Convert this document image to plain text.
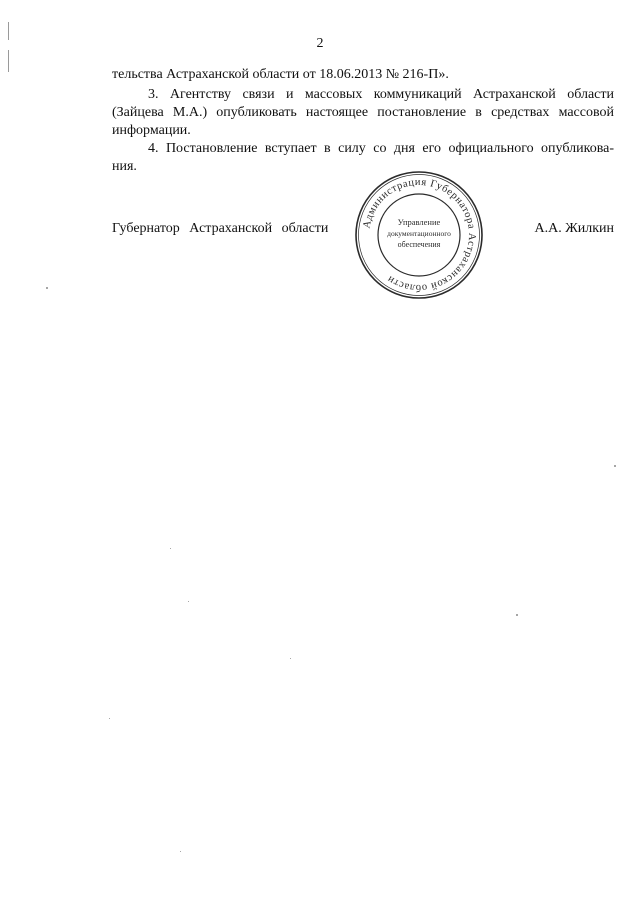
2

тельства Астраханской области от 18.06.2013 № 216-П».

3. Агентству связи и массовых коммуникаций Астраханской области
(Зайцева М.А.) опубликовать настоящее постановление в средствах массовой
информации.
4. Постановление вступает в силу со дня его официального опубликова-
ния.
Губернатор Астраханской области	А.А. Жилкин
Администрация Губернатора Астраханской области
Управление
документационного
обеспечения
